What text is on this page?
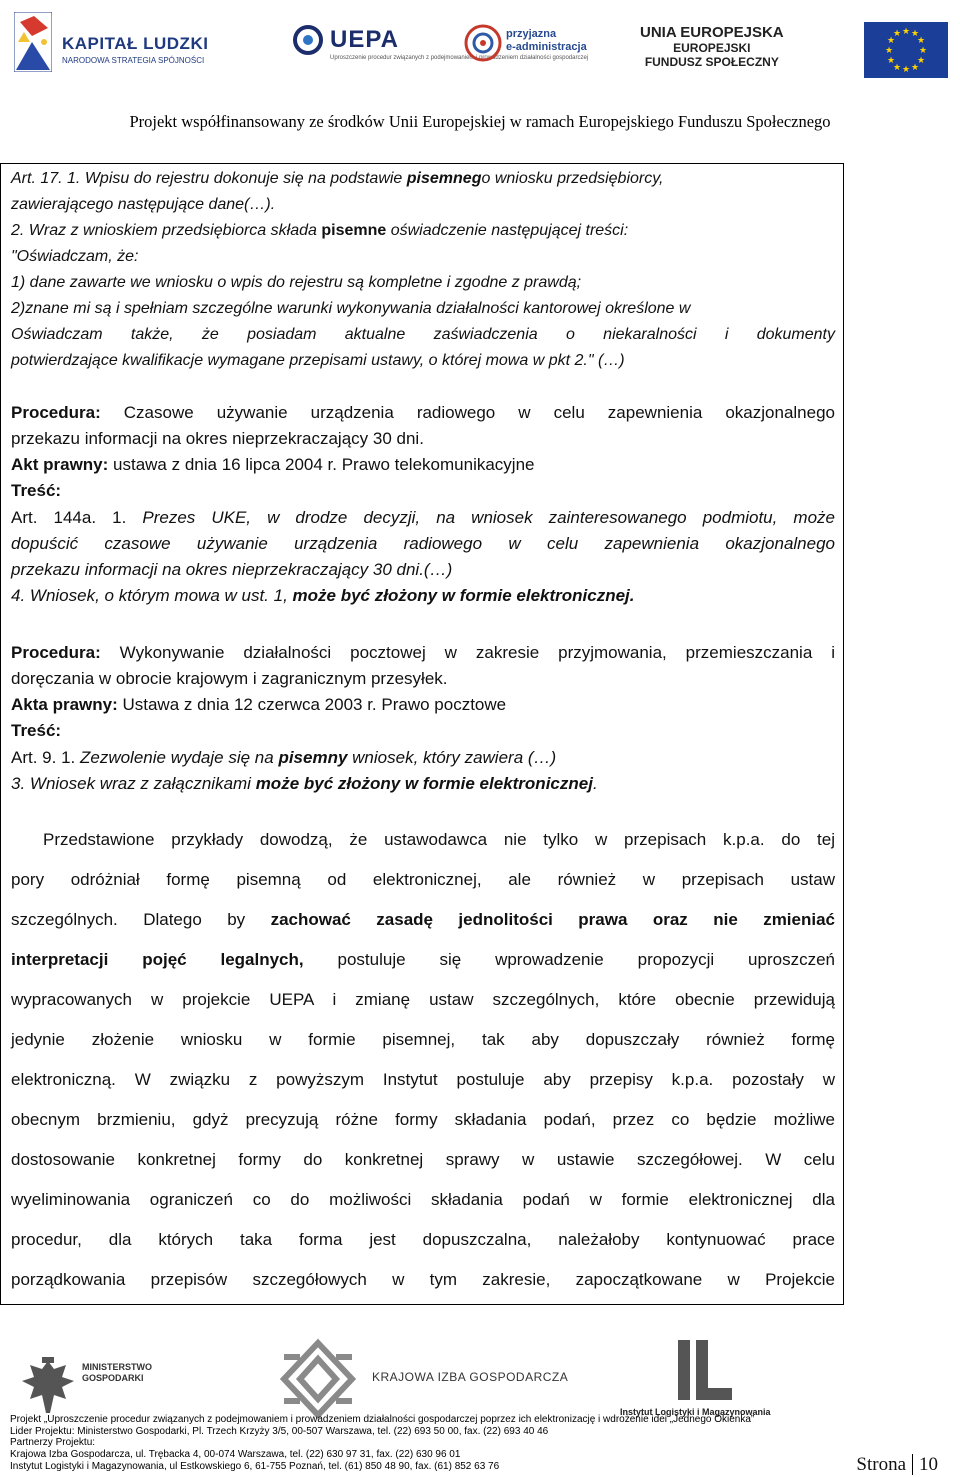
KAPITAŁ LUDZKI
NARODOWA STRATEGIA SPÓJNOŚCI
UEPA
Uproszczenie procedur związanych z podejmowaniem i prowadzeniem działalności gospodarczej
przyjazna
e-administracja
UNIA EUROPEJSKA
EUROPEJSKI
FUNDUSZ SPOŁECZNY
★ ★
★
★
★
★
★
★
★
★
★
★
Projekt współfinansowany ze środków Unii Europejskiej w ramach Europejskiego Funduszu Społecznego
Art. 17. 1. Wpisu do rejestru dokonuje się na podstawie pisemnego wniosku przedsiębiorcy,
zawierającego następujące dane(…).
2. Wraz z wnioskiem przedsiębiorca składa pisemne oświadczenie następującej treści:
"Oświadczam, że:
1) dane zawarte we wniosku o wpis do rejestru są kompletne i zgodne z prawdą;
2)znane mi są i spełniam szczególne warunki wykonywania działalności kantorowej określone w
Oświadczam także, że posiadam aktualne zaświadczenia o niekaralności i dokumenty
potwierdzające kwalifikacje wymagane przepisami ustawy, o której mowa w pkt 2." (…)
Procedura: Czasowe używanie urządzenia radiowego w celu zapewnienia okazjonalnego
przekazu informacji na okres nieprzekraczający 30 dni.
Akt prawny: ustawa z dnia 16 lipca 2004 r. Prawo telekomunikacyjne
Treść:
Art. 144a. 1. Prezes UKE, w drodze decyzji, na wniosek zainteresowanego podmiotu, może
dopuścić czasowe używanie urządzenia radiowego w celu zapewnienia okazjonalnego
przekazu informacji na okres nieprzekraczający 30 dni.(…)
4. Wniosek, o którym mowa w ust. 1, może być złożony w formie elektronicznej.
Procedura: Wykonywanie działalności pocztowej w zakresie przyjmowania, przemieszczania i
doręczania w obrocie krajowym i zagranicznym przesyłek.
Akta prawny: Ustawa z dnia 12 czerwca 2003 r. Prawo pocztowe
Treść:
Art. 9. 1. Zezwolenie wydaje się na pisemny wniosek, który zawiera (…)
3. Wniosek wraz z załącznikami może być złożony w formie elektronicznej.
Przedstawione przykłady dowodzą, że ustawodawca nie tylko w przepisach k.p.a. do tej
pory odróżniał formę pisemną od elektronicznej, ale również w przepisach ustaw
szczególnych. Dlatego by zachować zasadę jednolitości prawa oraz nie zmieniać
interpretacji pojęć legalnych, postuluje się wprowadzenie propozycji uproszczeń
wypracowanych w projekcie UEPA i zmianę ustaw szczególnych, które obecnie przewidują
jedynie złożenie wniosku w formie pisemnej, tak aby dopuszczały również formę
elektroniczną. W związku z powyższym Instytut postuluje aby przepisy k.p.a. pozostały w
obecnym brzmieniu, gdyż precyzują różne formy składania podań, przez co będzie możliwe
dostosowanie konkretnej formy do konkretnej sprawy w ustawie szczegółowej. W celu
wyeliminowania ograniczeń co do możliwości składania podań w formie elektronicznej dla
procedur, dla których taka forma jest dopuszczalna, należałoby kontynuować prace
porządkowania przepisów szczegółowych w tym zakresie, zapoczątkowane w Projekcie
MINISTERSTWO
GOSPODARKI	KRAJOWA IZBA GOSPODARCZA
Instytut Logistyki i Magazynowania
Projekt „Uproszczenie procedur związanych z podejmowaniem i prowadzeniem działalności gospodarczej poprzez ich elektronizację i wdrożenie idei „Jednego Okienka”
Lider Projektu: Ministerstwo Gospodarki, Pl. Trzech Krzyży 3/5, 00-507 Warszawa, tel. (22) 693 50 00, fax. (22) 693 40 46
Partnerzy Projektu:
Krajowa Izba Gospodarcza, ul. Trębacka 4, 00-074 Warszawa, tel. (22) 630 97 31, fax. (22) 630 96 01
Instytut Logistyki i Magazynowania, ul Estkowskiego 6, 61-755 Poznań, tel. (61) 850 48 90, fax. (61) 852 63 76	Strona 10
